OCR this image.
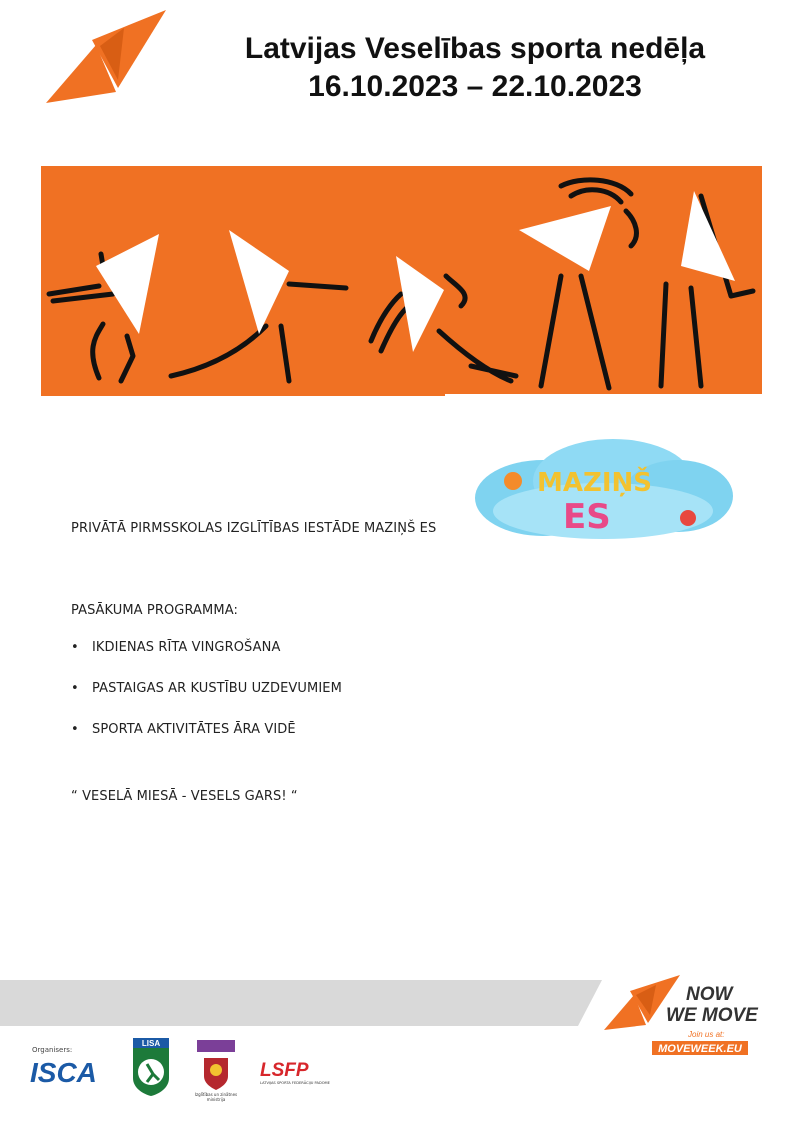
Latvijas Veselības sporta nedēļa
16.10.2023 – 22.10.2023
MAZIŅŠ
ES
PRIVĀTĀ PIRMSSKOLAS IZGLĪTĪBAS IESTĀDE MAZIŅŠ ES
PASĀKUMA PROGRAMMA:
•	IKDIENAS RĪTA VINGROŠANA
•	PASTAIGAS AR KUSTĪBU UZDEVUMIEM
•	SPORTA AKTIVITĀTES ĀRA VIDĒ
“ VESELĀ MIESĀ - VESELS GARS! “
Organisers:
ISCA
LISA
Izglītības un zinātnes
ministrija
LSFP
LATVIJAS SPORTA FEDERĀCIJU PADOME
NOW
WE MOVE
Join us at:
MOVEWEEK.EU
